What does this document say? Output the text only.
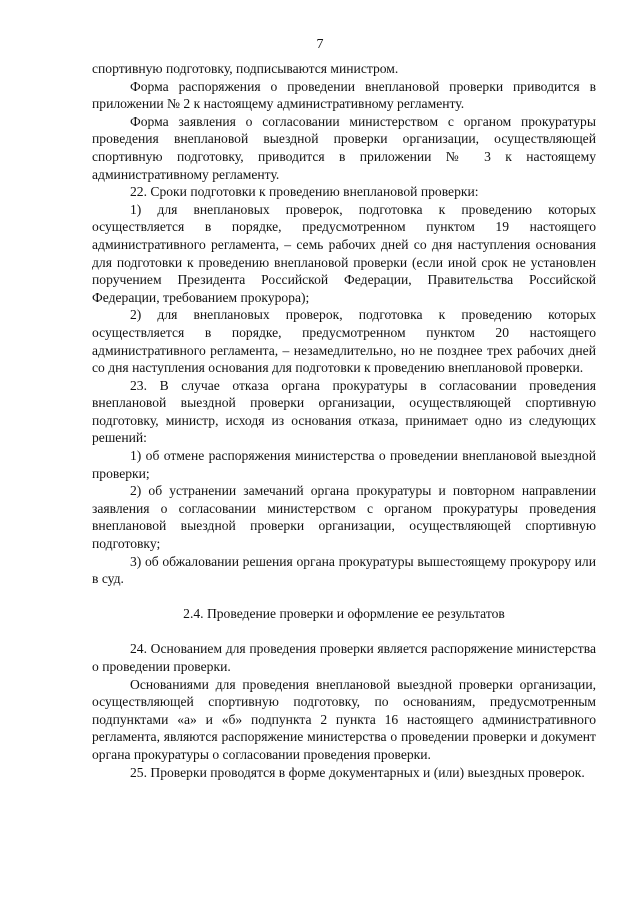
7

спортивную подготовку, подписываются министром.

Форма распоряжения о проведении внеплановой проверки приводится в приложении № 2 к настоящему административному регламенту.

Форма заявления о согласовании министерством с органом прокуратуры проведения внеплановой выездной проверки организации, осуществляющей спортивную подготовку, приводится в приложении № 3 к настоящему административному регламенту.

22. Сроки подготовки к проведению внеплановой проверки:

1) для внеплановых проверок, подготовка к проведению которых осуществляется в порядке, предусмотренном пунктом 19 настоящего административного регламента, – семь рабочих дней со дня наступления основания для подготовки к проведению внеплановой проверки (если иной срок не установлен поручением Президента Российской Федерации, Правительства Российской Федерации, требованием прокурора);

2) для внеплановых проверок, подготовка к проведению которых осуществляется в порядке, предусмотренном пунктом 20 настоящего административного регламента, – незамедлительно, но не позднее трех рабочих дней со дня наступления основания для подготовки к проведению внеплановой проверки.

23. В случае отказа органа прокуратуры в согласовании проведения внеплановой выездной проверки организации, осуществляющей спортивную подготовку, министр, исходя из основания отказа, принимает одно из следующих решений:

1) об отмене распоряжения министерства о проведении внеплановой выездной проверки;

2) об устранении замечаний органа прокуратуры и повторном направлении заявления о согласовании министерством с органом прокуратуры проведения внеплановой выездной проверки организации, осуществляющей спортивную подготовку;

3) об обжаловании решения органа прокуратуры вышестоящему прокурору или в суд.

2.4. Проведение проверки и оформление ее результатов

24. Основанием для проведения проверки является распоряжение министерства о проведении проверки.

Основаниями для проведения внеплановой выездной проверки организации, осуществляющей спортивную подготовку, по основаниям, предусмотренным подпунктами «а» и «б» подпункта 2 пункта 16 настоящего административного регламента, являются распоряжение министерства о проведении проверки и документ органа прокуратуры о согласовании проведения проверки.

25. Проверки проводятся в форме документарных и (или) выездных проверок.
